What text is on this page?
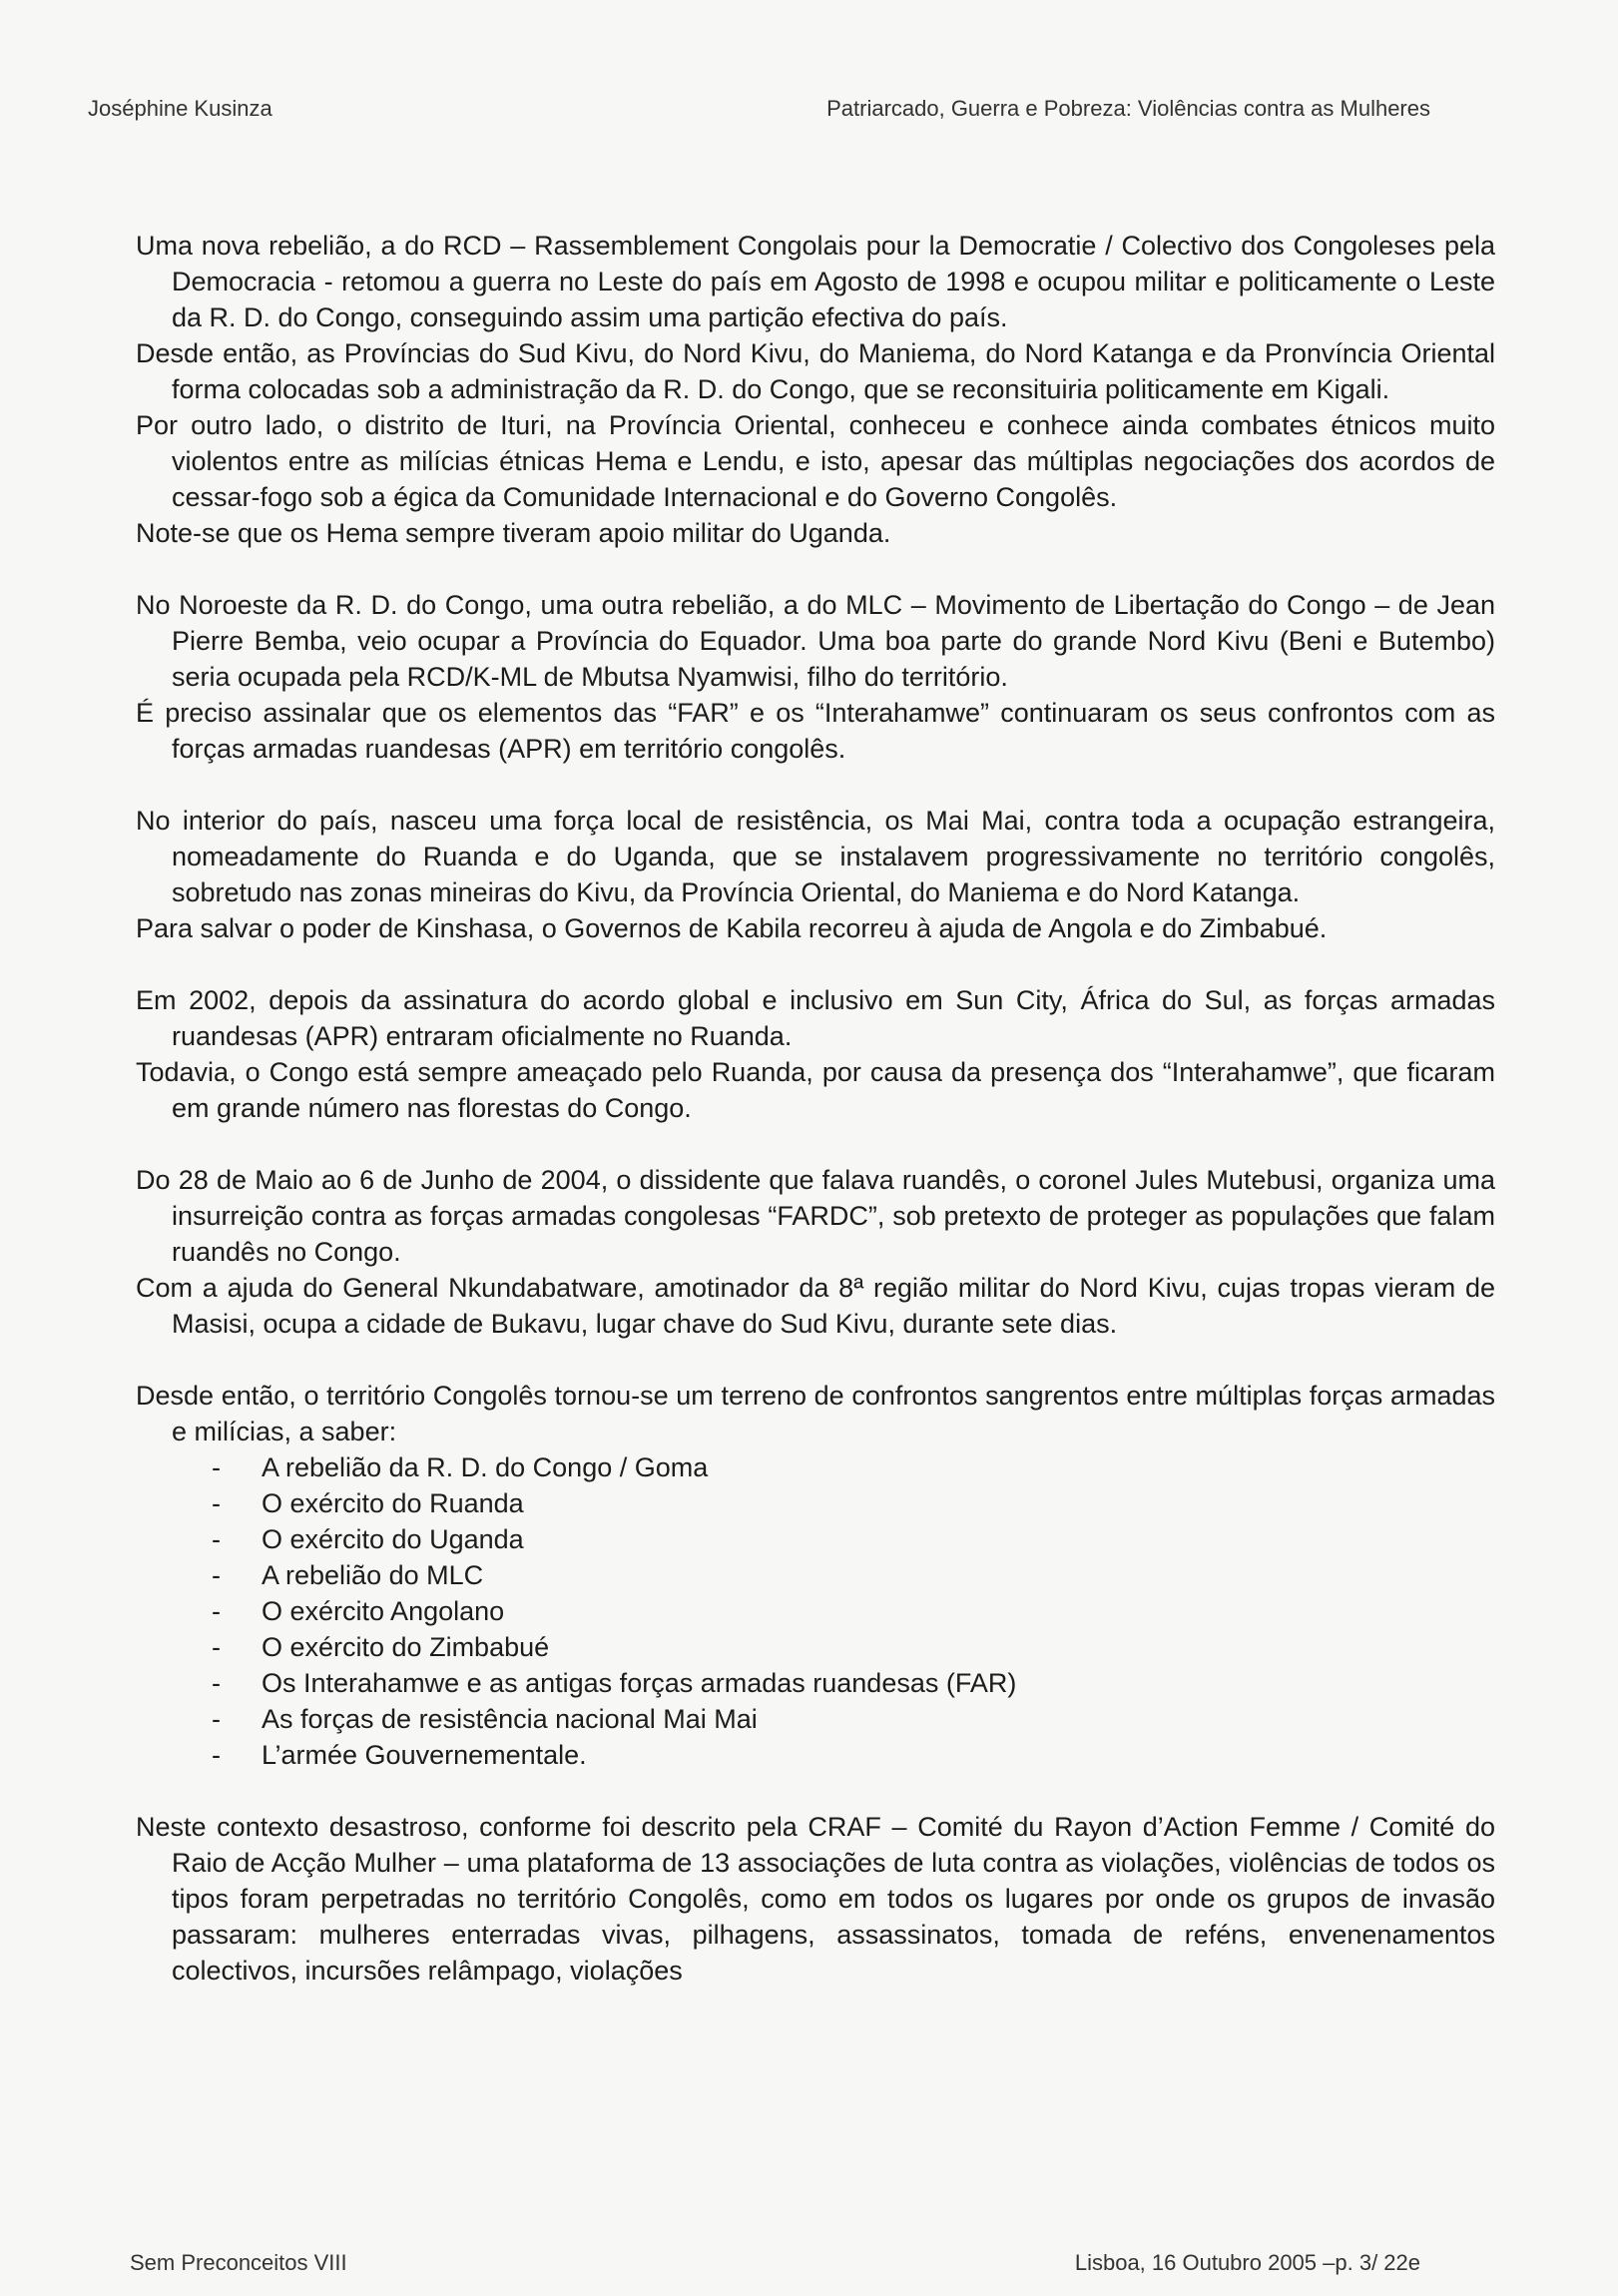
Joséphine Kusinza	Patriarcado, Guerra e Pobreza: Violências contra as Mulheres

Uma nova rebelião, a do RCD – Rassemblement Congolais pour la Democratie / Colectivo dos Congoleses pela Democracia - retomou a guerra no Leste do país em Agosto de 1998 e ocupou militar e politicamente o Leste da R. D. do Congo, conseguindo assim uma partição efectiva do país.

Desde então, as Províncias do Sud Kivu, do Nord Kivu, do Maniema, do Nord Katanga e da Pronvíncia Oriental forma colocadas sob a administração da R. D. do Congo, que se reconsituiria politicamente em Kigali.

Por outro lado, o distrito de Ituri, na Província Oriental, conheceu e conhece ainda combates étnicos muito violentos entre as milícias étnicas Hema e Lendu, e isto, apesar das múltiplas negociações dos acordos de cessar-fogo sob a égica da Comunidade Internacional e do Governo Congolês.

Note-se que os Hema sempre tiveram apoio militar do Uganda.

No Noroeste da R. D. do Congo, uma outra rebelião, a do MLC – Movimento de Libertação do Congo – de Jean Pierre Bemba, veio ocupar a Província do Equador. Uma boa parte do grande Nord Kivu (Beni e Butembo) seria ocupada pela RCD/K-ML de Mbutsa Nyamwisi, filho do território.

É preciso assinalar que os elementos das “FAR” e os “Interahamwe” continuaram os seus confrontos com as forças armadas ruandesas (APR) em território congolês.

No interior do país, nasceu uma força local de resistência, os Mai Mai, contra toda a ocupação estrangeira, nomeadamente do Ruanda e do Uganda, que se instalavem progressivamente no território congolês, sobretudo nas zonas mineiras do Kivu, da Província Oriental, do Maniema e do Nord Katanga.

Para salvar o poder de Kinshasa, o Governos de Kabila recorreu à ajuda de Angola e do Zimbabué.

Em 2002, depois da assinatura do acordo global e inclusivo em Sun City, África do Sul, as forças armadas ruandesas (APR) entraram oficialmente no Ruanda.

Todavia, o Congo está sempre ameaçado pelo Ruanda, por causa da presença dos “Interahamwe”, que ficaram em grande número nas florestas do Congo.

Do 28 de Maio ao 6 de Junho de 2004, o dissidente que falava ruandês, o coronel Jules Mutebusi, organiza uma insurreição contra as forças armadas congolesas “FARDC”, sob pretexto de proteger as populações que falam ruandês no Congo.

Com a ajuda do General Nkundabatware, amotinador da 8ª região militar do Nord Kivu, cujas tropas vieram de Masisi, ocupa a cidade de Bukavu, lugar chave do Sud Kivu, durante sete dias.

Desde então, o território Congolês tornou-se um terreno de confrontos sangrentos entre múltiplas forças armadas e milícias, a saber:

- A rebelião da R. D. do Congo / Goma
- O exército do Ruanda
- O exército do Uganda
- A rebelião do MLC
- O exército Angolano
- O exército do Zimbabué
- Os Interahamwe e as antigas forças armadas ruandesas (FAR)
- As forças de resistência nacional Mai Mai
- L’armée Gouvernementale.

Neste contexto desastroso, conforme foi descrito pela CRAF – Comité du Rayon d’Action Femme / Comité do Raio de Acção Mulher – uma plataforma de 13 associações de luta contra as violações, violências de todos os tipos foram perpetradas no território Congolês, como em todos os lugares por onde os grupos de invasão passaram: mulheres enterradas vivas, pilhagens, assassinatos, tomada de reféns, envenenamentos colectivos, incursões relâmpago, violações

Sem Preconceitos VIII	Lisboa, 16 Outubro 2005 –p. 3/ 22e
